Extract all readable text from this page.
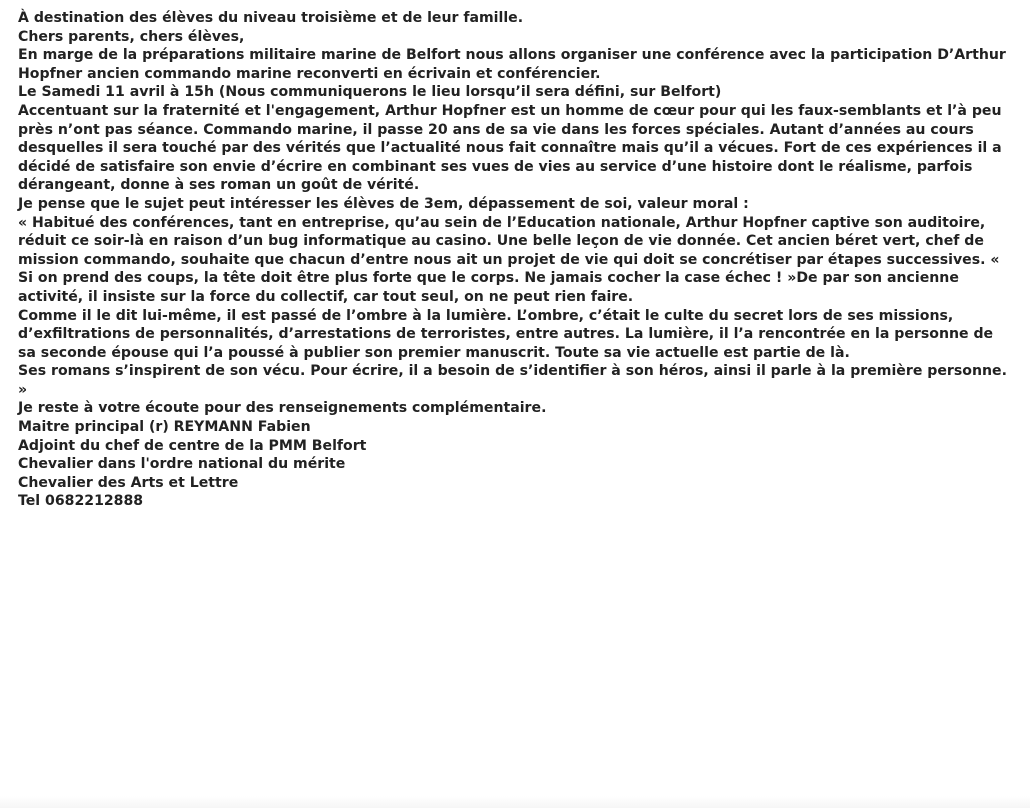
À destination des élèves du niveau troisième et de leur famille.

Chers parents, chers élèves,

En marge de la préparations militaire marine de Belfort nous allons organiser une conférence avec la participation D’Arthur Hopfner ancien commando marine reconverti en écrivain et conférencier.

Le Samedi 11 avril à 15h (Nous communiquerons le lieu lorsqu’il sera défini, sur Belfort)

Accentuant sur la fraternité et l'engagement, Arthur Hopfner est un homme de cœur pour qui les faux-semblants et l’à peu près n’ont pas séance. Commando marine, il passe 20 ans de sa vie dans les forces spéciales. Autant d’années au cours desquelles il sera touché par des vérités que l’actualité nous fait connaître mais qu’il a vécues. Fort de ces expériences il a décidé de satisfaire son envie d’écrire en combinant ses vues de vies au service d’une histoire dont le réalisme, parfois dérangeant, donne à ses roman un goût de vérité.

Je pense que le sujet peut intéresser les élèves de 3em, dépassement de soi, valeur moral :

« Habitué des conférences, tant en entreprise, qu’au sein de l’Education nationale, Arthur Hopfner captive son auditoire, réduit ce soir-là en raison d’un bug informatique au casino. Une belle leçon de vie donnée. Cet ancien béret vert, chef de mission commando, souhaite que chacun d’entre nous ait un projet de vie qui doit se concrétiser par étapes successives. « Si on prend des coups, la tête doit être plus forte que le corps. Ne jamais cocher la case échec ! »De par son ancienne activité, il insiste sur la force du collectif, car tout seul, on ne peut rien faire.

Comme il le dit lui-même, il est passé de l’ombre à la lumière. L’ombre, c’était le culte du secret lors de ses missions, d’exfiltrations de personnalités, d’arrestations de terroristes, entre autres. La lumière, il l’a rencontrée en la personne de sa seconde épouse qui l’a poussé à publier son premier manuscrit. Toute sa vie actuelle est partie de là.

Ses romans s’inspirent de son vécu. Pour écrire, il a besoin de s’identifier à son héros, ainsi il parle à la première personne. »

Je reste à votre écoute pour des renseignements complémentaire.

Maitre principal (r) REYMANN Fabien

Adjoint du chef de centre de la PMM Belfort

Chevalier dans l'ordre national du mérite

Chevalier des Arts et Lettre

Tel 0682212888
